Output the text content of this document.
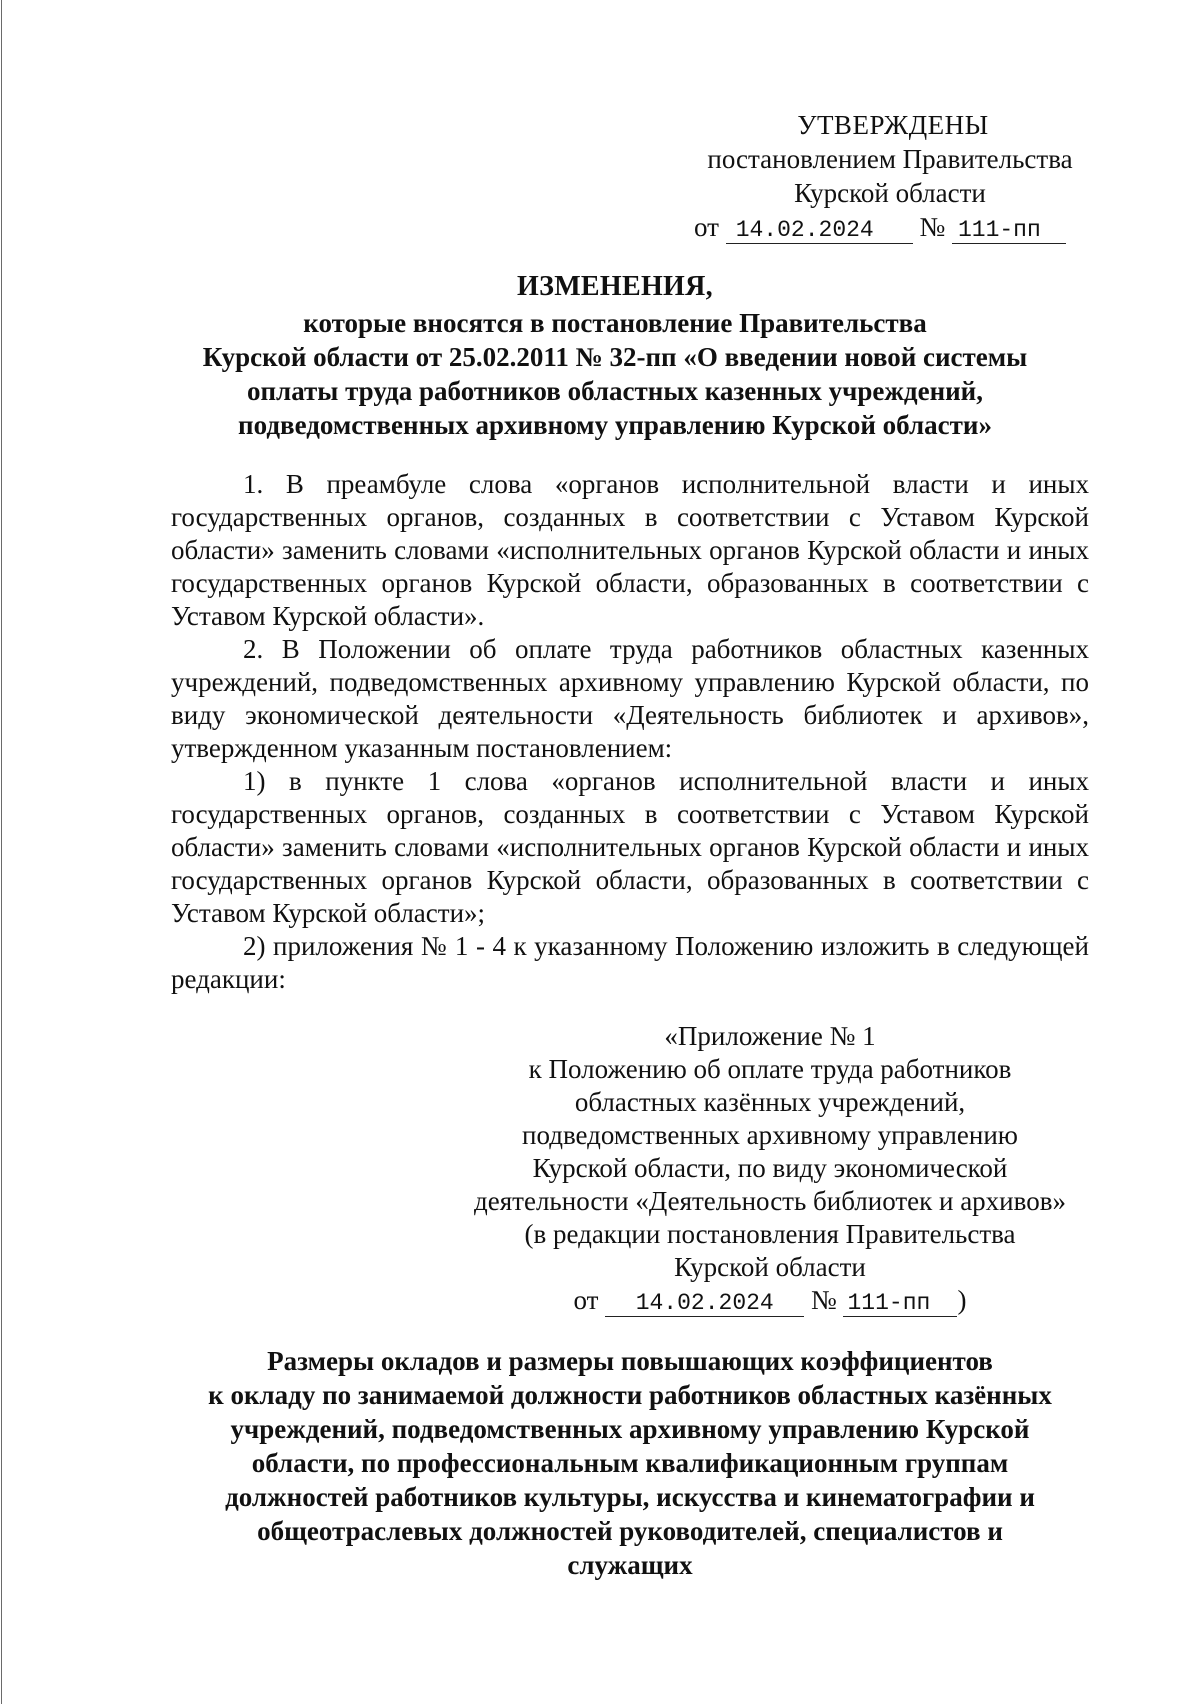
УТВЕРЖДЕНЫ
постановлением Правительства
Курской области
от 14.02.2024 № 111-пп
ИЗМЕНЕНИЯ,
которые вносятся в постановление Правительства
Курской области от 25.02.2011 № 32-пп «О введении новой системы
оплаты труда работников областных казенных учреждений,
подведомственных архивному управлению Курской области»

1. В преамбуле слова «органов исполнительной власти и иных государственных органов, созданных в соответствии с Уставом Курской области» заменить словами «исполнительных органов Курской области и иных государственных органов Курской области, образованных в соответствии с Уставом Курской области».

2. В Положении об оплате труда работников областных казенных учреждений, подведомственных архивному управлению Курской области, по виду экономической деятельности «Деятельность библиотек и архивов», утвержденном указанным постановлением:

1) в пункте 1 слова «органов исполнительной власти и иных государственных органов, созданных в соответствии с Уставом Курской области» заменить словами «исполнительных органов Курской области и иных государственных органов Курской области, образованных в соответствии с Уставом Курской области»;

2) приложения № 1 - 4 к указанному Положению изложить в следующей редакции:

«Приложение № 1
к Положению об оплате труда работников
областных казённых учреждений,
подведомственных архивному управлению
Курской области, по виду экономической
деятельности «Деятельность библиотек и архивов»
(в редакции постановления Правительства
Курской области
от 14.02.2024 № 111-пп )
Размеры окладов и размеры повышающих коэффициентов
к окладу по занимаемой должности работников областных казённых
учреждений, подведомственных архивному управлению Курской
области, по профессиональным квалификационным группам
должностей работников культуры, искусства и кинематографии и
общеотраслевых должностей руководителей, специалистов и
служащих
